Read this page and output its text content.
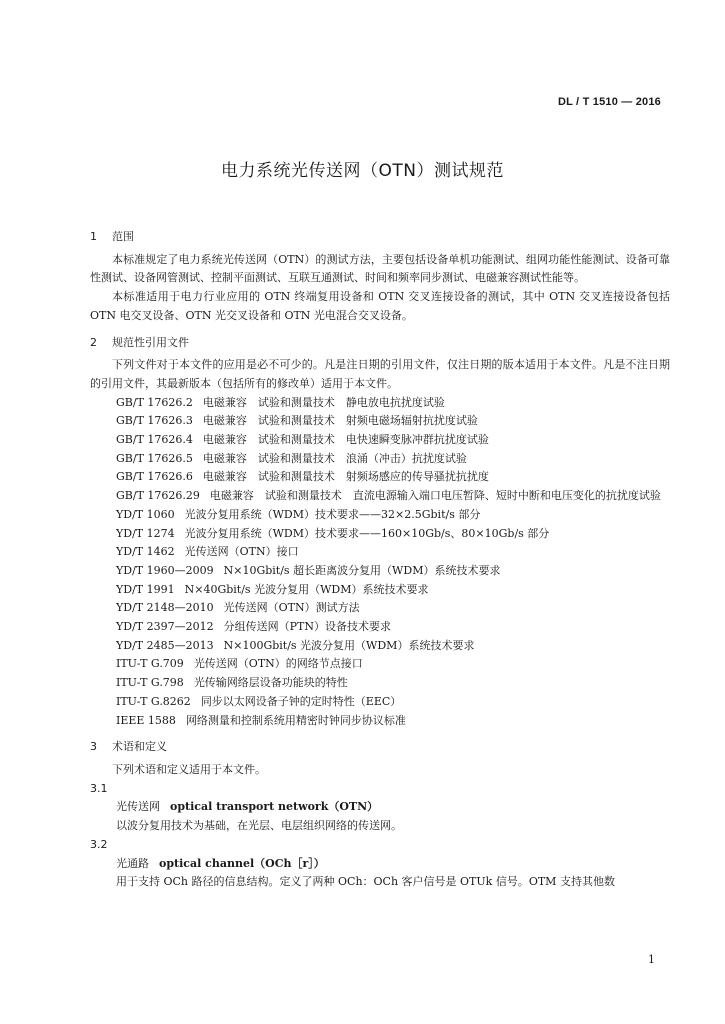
DL / T 1510 — 2016
电力系统光传送网（OTN）测试规范

1 范围

本标准规定了电力系统光传送网（OTN）的测试方法，主要包括设备单机功能测试、组网功能性能测试、设备可靠性测试、设备网管测试、控制平面测试、互联互通测试、时间和频率同步测试、电磁兼容测试性能等。

本标准适用于电力行业应用的 OTN 终端复用设备和 OTN 交叉连接设备的测试，其中 OTN 交叉连接设备包括 OTN 电交叉设备、OTN 光交叉设备和 OTN 光电混合交叉设备。

2 规范性引用文件

下列文件对于本文件的应用是必不可少的。凡是注日期的引用文件，仅注日期的版本适用于本文件。凡是不注日期的引用文件，其最新版本（包括所有的修改单）适用于本文件。

GB/T 17626.2 电磁兼容　试验和测量技术　静电放电抗扰度试验

GB/T 17626.3 电磁兼容　试验和测量技术　射频电磁场辐射抗扰度试验

GB/T 17626.4 电磁兼容　试验和测量技术　电快速瞬变脉冲群抗扰度试验

GB/T 17626.5 电磁兼容　试验和测量技术　浪涌（冲击）抗扰度试验

GB/T 17626.6 电磁兼容　试验和测量技术　射频场感应的传导骚扰抗扰度

GB/T 17626.29 电磁兼容　试验和测量技术　直流电源输入端口电压暂降、短时中断和电压变化的抗扰度试验

YD/T 1060 光波分复用系统（WDM）技术要求——32×2.5Gbit/s 部分

YD/T 1274 光波分复用系统（WDM）技术要求——160×10Gb/s、80×10Gb/s 部分

YD/T 1462 光传送网（OTN）接口

YD/T 1960—2009 N×10Gbit/s 超长距离波分复用（WDM）系统技术要求

YD/T 1991 N×40Gbit/s 光波分复用（WDM）系统技术要求

YD/T 2148—2010 光传送网（OTN）测试方法

YD/T 2397—2012 分组传送网（PTN）设备技术要求

YD/T 2485—2013 N×100Gbit/s 光波分复用（WDM）系统技术要求

ITU-T G.709 光传送网（OTN）的网络节点接口

ITU-T G.798 光传输网络层设备功能块的特性

ITU-T G.8262 同步以太网设备子钟的定时特性（EEC）

IEEE 1588 网络测量和控制系统用精密时钟同步协议标准

3 术语和定义

下列术语和定义适用于本文件。

3.1

光传送网 optical transport network（OTN）

以波分复用技术为基础，在光层、电层组织网络的传送网。

3.2

光通路 optical channel（OCh［r］）

用于支持 OCh 路径的信息结构。定义了两种 OCh：OCh 客户信号是 OTUk 信号。OTM 支持其他数

1
